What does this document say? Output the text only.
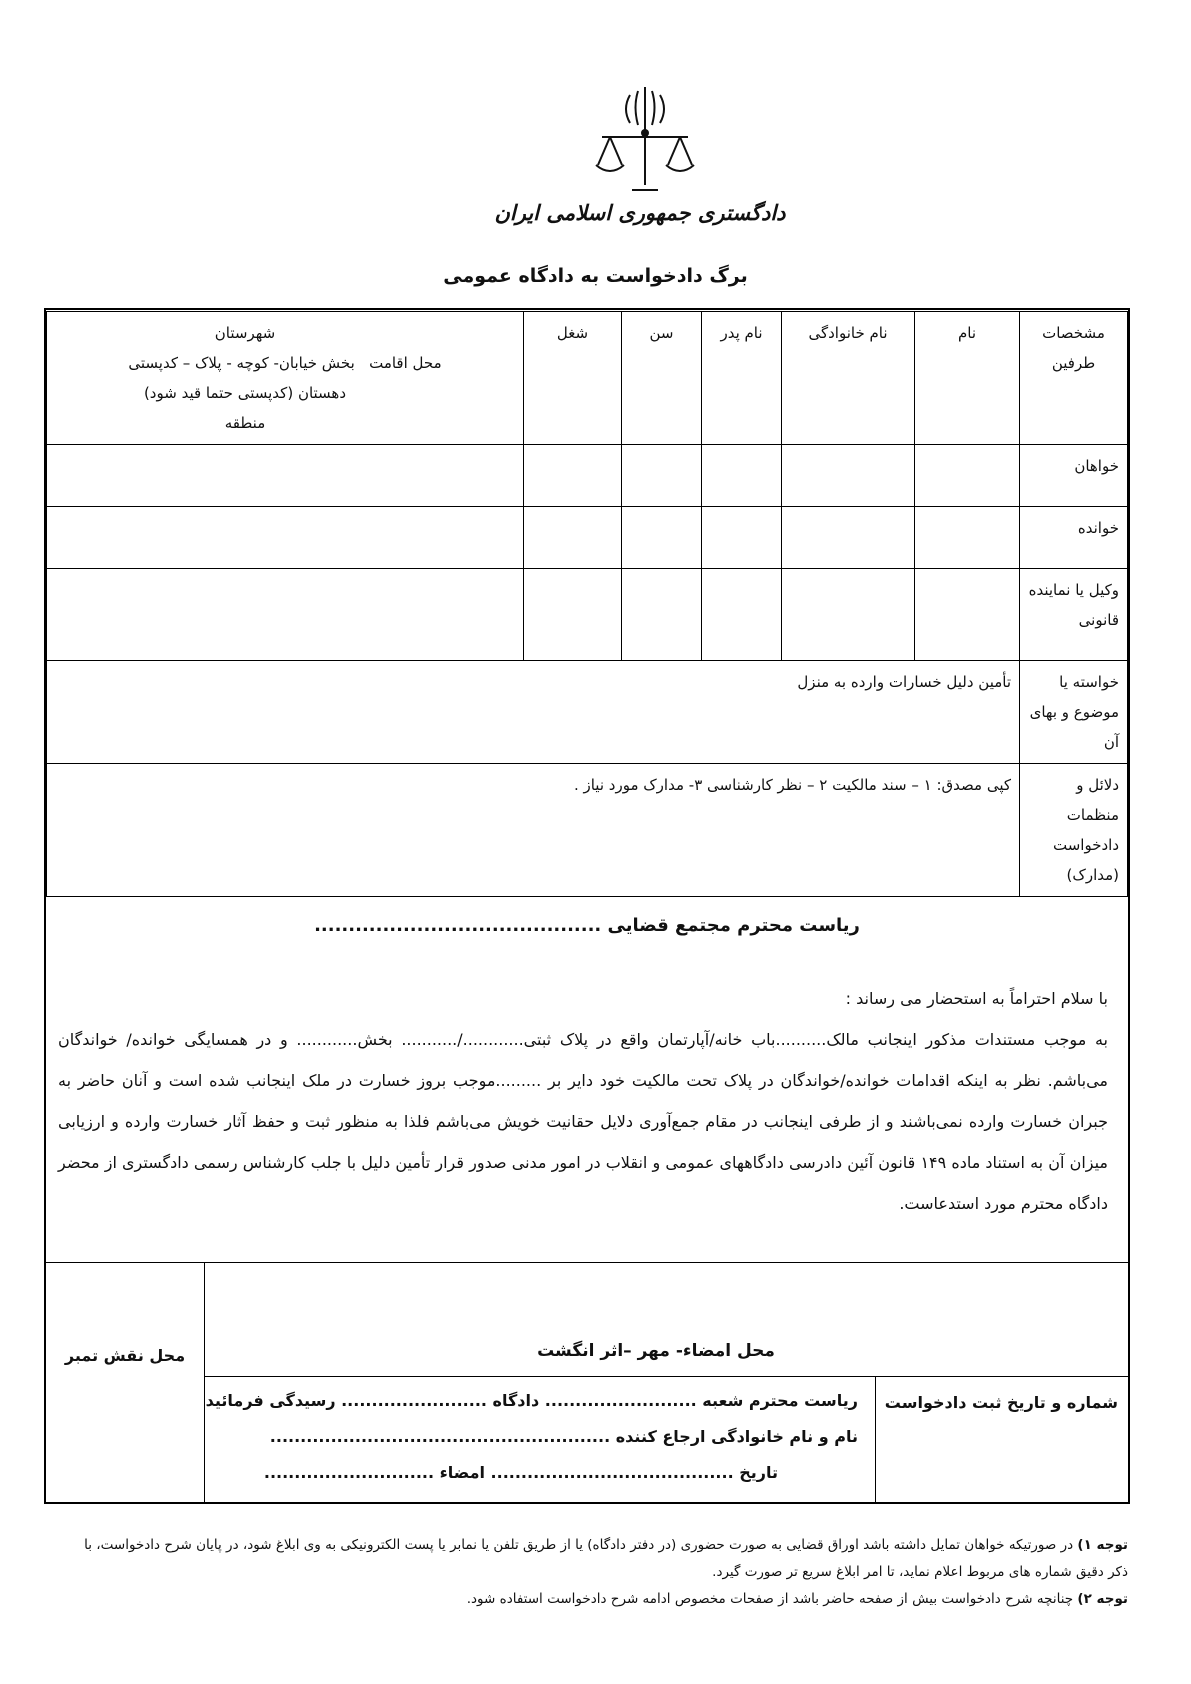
دادگستری جمهوری اسلامی ایران
برگ دادخواست به دادگاه عمومی
مشخصات طرفین	نام	نام خانوادگی	نام پدر	سن	شغل	شهرستان
محل اقامت   بخش خیابان- کوچه - پلاک – کدپستی
دهستان (کدپستی حتما قید شود)
منطقه

خواهان						
خوانده						
وکیل یا نماینده قانونی						
خواسته یا موضوع و بهای آن	تأمین دلیل خسارات وارده به منزل					
دلائل و منظمات دادخواست (مدارک)	کپی مصدق: ۱ – سند مالکیت ۲ – نظر کارشناسی ۳- مدارک مورد نیاز .					
ریاست محترم مجتمع قضایی ..........................................
با سلام احتراماً به استحضار می رساند :
به موجب مستندات مذکور اینجانب مالک..........باب خانه/آپارتمان واقع در پلاک ثبتی............/........... بخش............ و در همسایگی خوانده/ خواندگان می‌باشم. نظر به اینکه اقدامات خوانده/خواندگان در پلاک تحت مالکیت خود دایر بر .........موجب بروز خسارت در ملک اینجانب شده است و آنان حاضر به جبران خسارت وارده نمی‌باشند و از طرفی اینجانب در مقام جمع‌آوری دلایل حقانیت خویش می‌باشم فلذا به منظور ثبت و حفظ آثار خسارت وارده و ارزیابی میزان آن به استناد ماده ۱۴۹ قانون آئین دادرسی دادگاههای عمومی و انقلاب در امور مدنی صدور قرار تأمین دلیل با جلب کارشناس رسمی دادگستری از محضر دادگاه محترم مورد استدعاست.
محل نقش تمبر	محل امضاء- مهر –اثر انگشت
شماره و تاریخ ثبت دادخواست
ریاست محترم شعبه ......................... دادگاه ........................ رسیدگی فرمائید
نام و نام خانوادگی ارجاع کننده ........................................................
تاریخ ........................................ امضاء ............................
توجه ۱) در صورتیکه خواهان تمایل داشته باشد اوراق قضایی به صورت حضوری (در دفتر دادگاه) یا از طریق تلفن یا نمابر یا پست الکترونیکی به وی ابلاغ شود، در پایان شرح دادخواست، با ذکر دقیق شماره های مربوط اعلام نماید، تا امر ابلاغ سریع تر صورت گیرد.
توجه ۲) چنانچه شرح دادخواست بیش از صفحه حاضر باشد از صفحات مخصوص ادامه شرح دادخواست استفاده شود.
